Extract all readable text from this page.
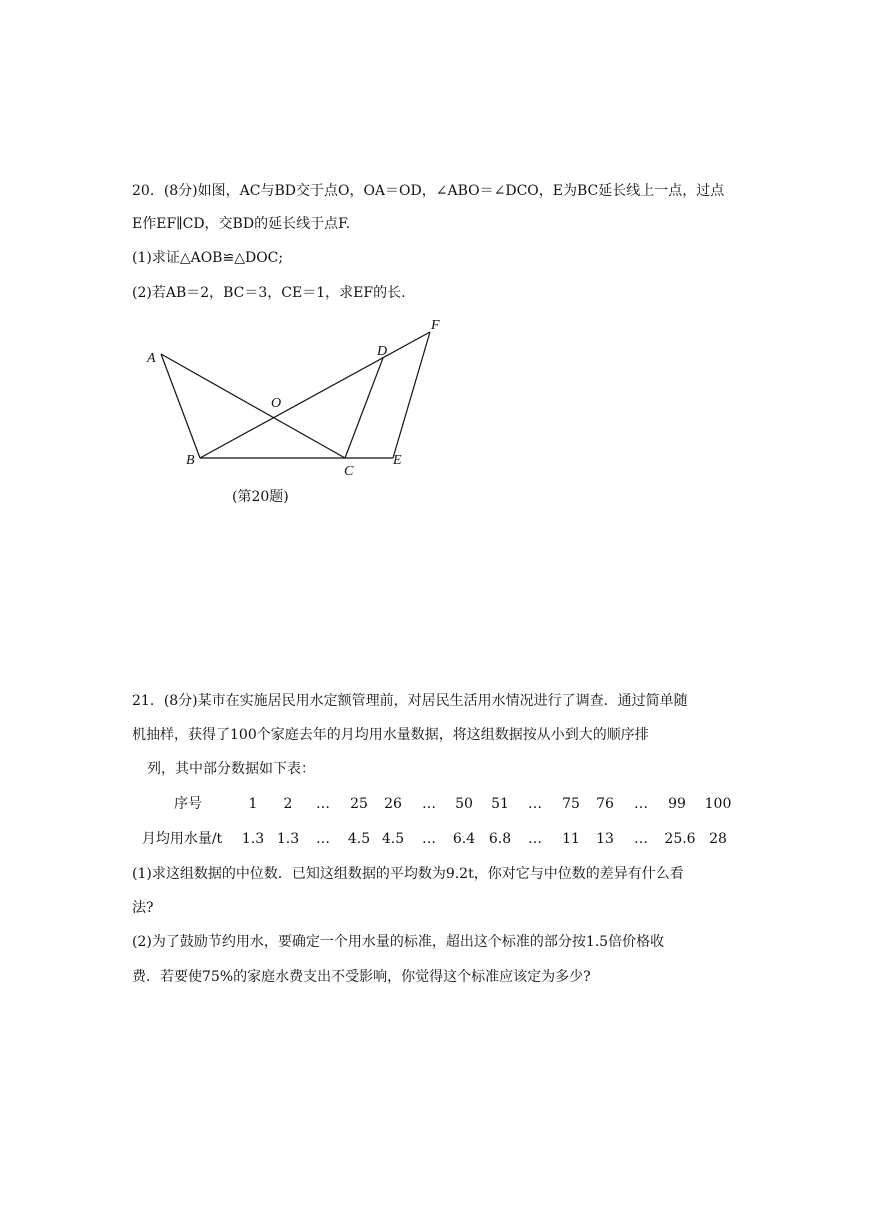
20．(8分)如图，AC与BD交于点O，OA＝OD，∠ABO＝∠DCO，E为BC延长线上一点，过点
E作EF∥CD，交BD的延长线于点F.
(1)求证△AOB≌△DOC;
(2)若AB＝2，BC＝3，CE＝1，求EF的长.
A
B
C
D
E
F
O
(第20题)
21．(8分)某市在实施居民用水定额管理前，对居民生活用水情况进行了调查．通过简单随
机抽样，获得了100个家庭去年的月均用水量数据，将这组数据按从小到大的顺序排
列，其中部分数据如下表：
序号	1	2	…	25	26	…	50	51	…	75	76	…	99	100
月均用水量/t	1.3 1.3	…	4.5 4.5	…	6.4 6.8	…	11	13	…	25.6 28
(1)求这组数据的中位数．已知这组数据的平均数为9.2t，你对它与中位数的差异有什么看
法?
(2)为了鼓励节约用水，要确定一个用水量的标准，超出这个标准的部分按1.5倍价格收
费．若要使75%的家庭水费支出不受影响，你觉得这个标准应该定为多少?
